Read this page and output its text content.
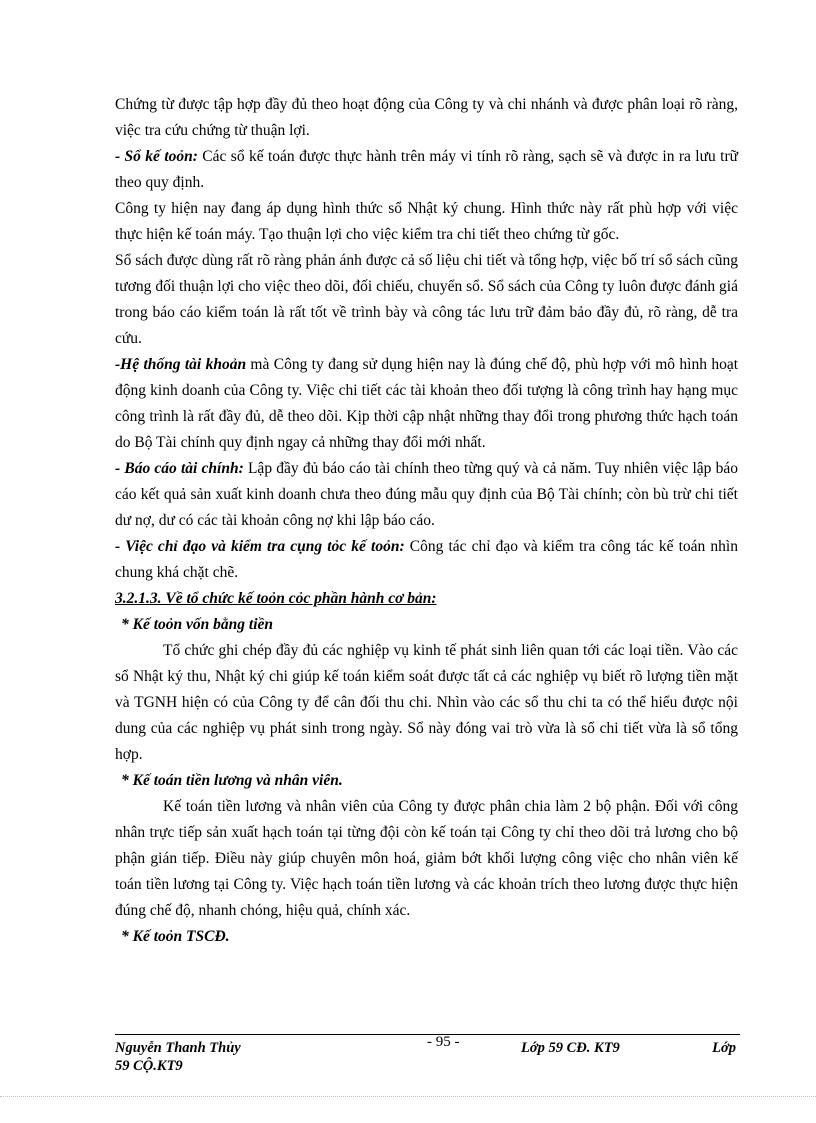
Chứng từ được tập hợp đầy đủ theo hoạt động của Công ty và chi nhánh và được phân loại rõ ràng, việc tra cứu chứng từ thuận lợi.

- Sổ kế toỏn: Các sổ kế toán được thực hành trên máy vi tính rõ ràng, sạch sẽ và được in ra lưu trữ theo quy định.

Công ty hiện nay đang áp dụng hình thức sổ Nhật ký chung. Hình thức này rất phù hợp với việc thực hiện kế toán máy. Tạo thuận lợi cho việc kiểm tra chi tiết theo chứng từ gốc.

Sổ sách được dùng rất rõ ràng phản ánh được cả số liệu chi tiết và tổng hợp, việc bố trí sổ sách cũng tương đối thuận lợi cho việc theo dõi, đối chiếu, chuyển sổ. Sổ sách của Công ty luôn được đánh giá trong báo cáo kiểm toán là rất tốt về trình bày và công tác lưu trữ đảm bảo đầy đủ, rõ ràng, dễ tra cứu.

-Hệ thống tài khoản mà Công ty đang sử dụng hiện nay là đúng chế độ, phù hợp với mô hình hoạt động kinh doanh của Công ty. Việc chi tiết các tài khoản theo đối tượng là công trình hay hạng mục công trình là rất đầy đủ, dễ theo dõi. Kịp thời cập nhật những thay đổi trong phương thức hạch toán do Bộ Tài chính quy định ngay cả những thay đổi mới nhất.

- Báo cáo tài chính: Lập đầy đủ báo cáo tài chính theo từng quý và cả năm. Tuy nhiên việc lập báo cáo kết quả sản xuất kinh doanh chưa theo đúng mẫu quy định của Bộ Tài chính; còn bù trừ chi tiết dư nợ, dư có các tài khoản công nợ khi lập báo cáo.

- Việc chỉ đạo và kiểm tra cụng tỏc kế toỏn: Công tác chỉ đạo và kiểm tra công tác kế toán nhìn chung khá chặt chẽ.

3.2.1.3. Về tổ chức kế toỏn cỏc phần hành cơ bản:

* Kế toỏn vốn bằng tiền

Tổ chức ghi chép đầy đủ các nghiệp vụ kinh tế phát sinh liên quan tới các loại tiền. Vào các sổ Nhật ký thu, Nhật ký chi giúp kế toán kiểm soát được tất cả các nghiệp vụ biết rõ lượng tiền mặt và TGNH hiện có của Công ty để cân đối thu chi. Nhìn vào các sổ thu chi ta có thể hiểu được nội dung của các nghiệp vụ phát sinh trong ngày. Sổ này đóng vai trò vừa là sổ chi tiết vừa là sổ tổng hợp.

* Kế toán tiền lương và nhân viên.

Kế toán tiền lương và nhân viên của Công ty được phân chia làm 2 bộ phận. Đối với công nhân trực tiếp sản xuất hạch toán tại từng đội còn kế toán tại Công ty chỉ theo dõi trả lương cho bộ phận gián tiếp. Điều này giúp chuyên môn hoá, giảm bớt khối lượng công việc cho nhân viên kế toán tiền lương tại Công ty. Việc hạch toán tiền lương và các khoản trích theo lương được thực hiện đúng chế độ, nhanh chóng, hiệu quả, chính xác.

* Kế toỏn TSCĐ.

Nguyễn Thanh Thủy	- 95 -	Lớp 59 CĐ. KT9	Lớp
59 CỘ.KT9
